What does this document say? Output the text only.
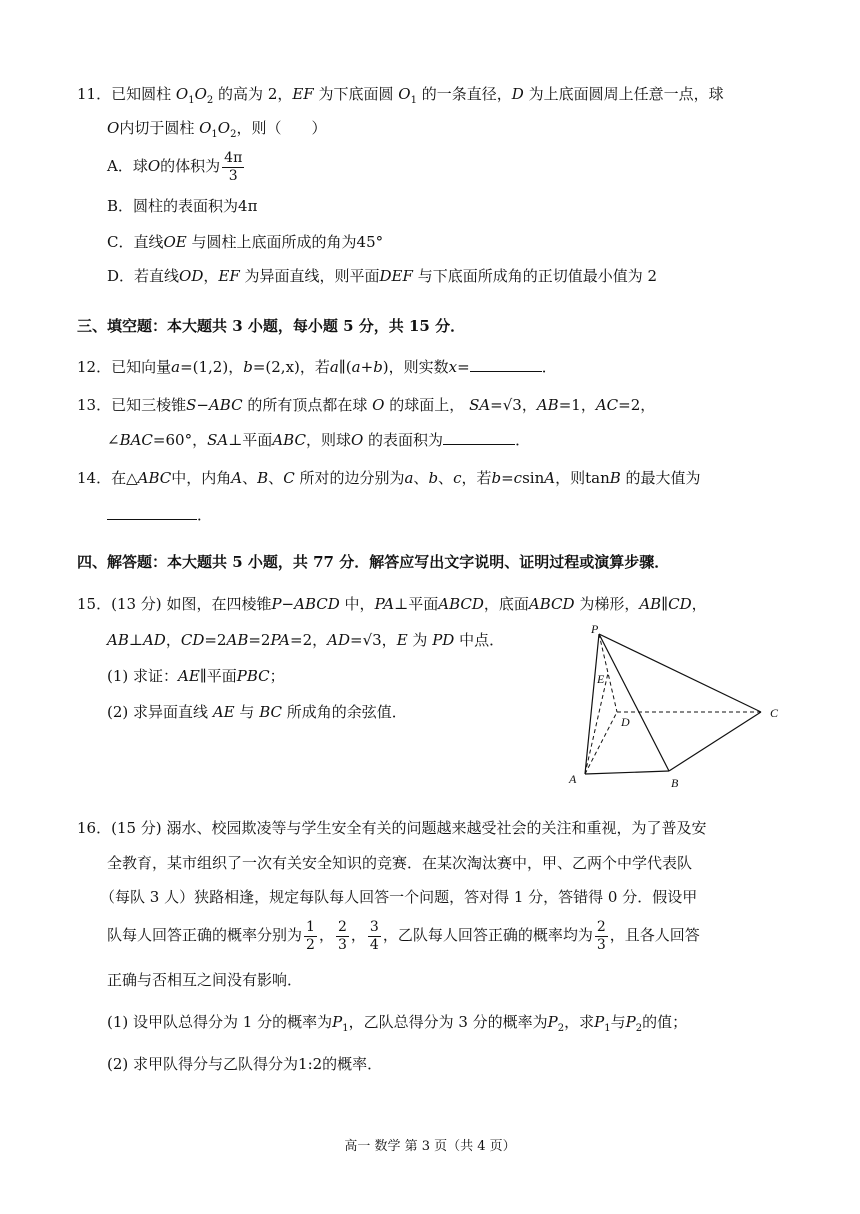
11．已知圆柱 $O_1O_2$ 的高为 2，EF 为下底面圆 $O_1$ 的一条直径，D 为上底面圆周上任意一点，球
O内切于圆柱 $O_1O_2$，则（　　）
A．球O的体积为 $\frac{4\pi}{3}$
B．圆柱的表面积为4π
C．直线OE 与圆柱上底面所成的角为45°
D．若直线OD，EF 为异面直线，则平面DEF 与下底面所成角的正切值最小值为 2
三、填空题：本大题共 3 小题，每小题 5 分，共 15 分．
12．已知向量a=(1,2)，b=(2,x)，若a∥(a+b)，则实数x=	．
13．已知三棱锥S−ABC 的所有顶点都在球 O 的球面上， SA=√3，AB=1，AC=2，
∠BAC=60°，SA⊥平面ABC，则球O 的表面积为	．
14．在△ABC中，内角A、B、C 所对的边分别为a、b、c，若b=csinA，则tanB 的最大值为
．
四、解答题：本大题共 5 小题，共 77 分．解答应写出文字说明、证明过程或演算步骤．
15．(13 分) 如图，在四棱锥P−ABCD 中，PA⊥平面ABCD，底面ABCD 为梯形，AB∥CD，
AB⊥AD，CD=2AB=2PA=2，AD=√3，E 为 PD 中点．
(1) 求证：AE∥平面PBC；
(2) 求异面直线 AE 与 BC 所成角的余弦值．
P
E
D
C
A	B
16．(15 分) 溺水、校园欺凌等与学生安全有关的问题越来越受社会的关注和重视，为了普及安
全教育，某市组织了一次有关安全知识的竞赛．在某次淘汰赛中，甲、乙两个中学代表队
（每队 3 人）狭路相逢，规定每队每人回答一个问题，答对得 1 分，答错得 0 分．假设甲
队每人回答正确的概率分别为 $\frac{1}{2}$ ， $\frac{2}{3}$ ， $\frac{3}{4}$ ，乙队每人回答正确的概率均为 $\frac{2}{3}$ ，且各人回答
正确与否相互之间没有影响．
(1) 设甲队总得分为 1 分的概率为$P_1$，乙队总得分为 3 分的概率为$P_2$，求$P_1$与$P_2$的值；
(2) 求甲队得分与乙队得分为1:2的概率．
高一 数学 第 3 页（共 4 页）
